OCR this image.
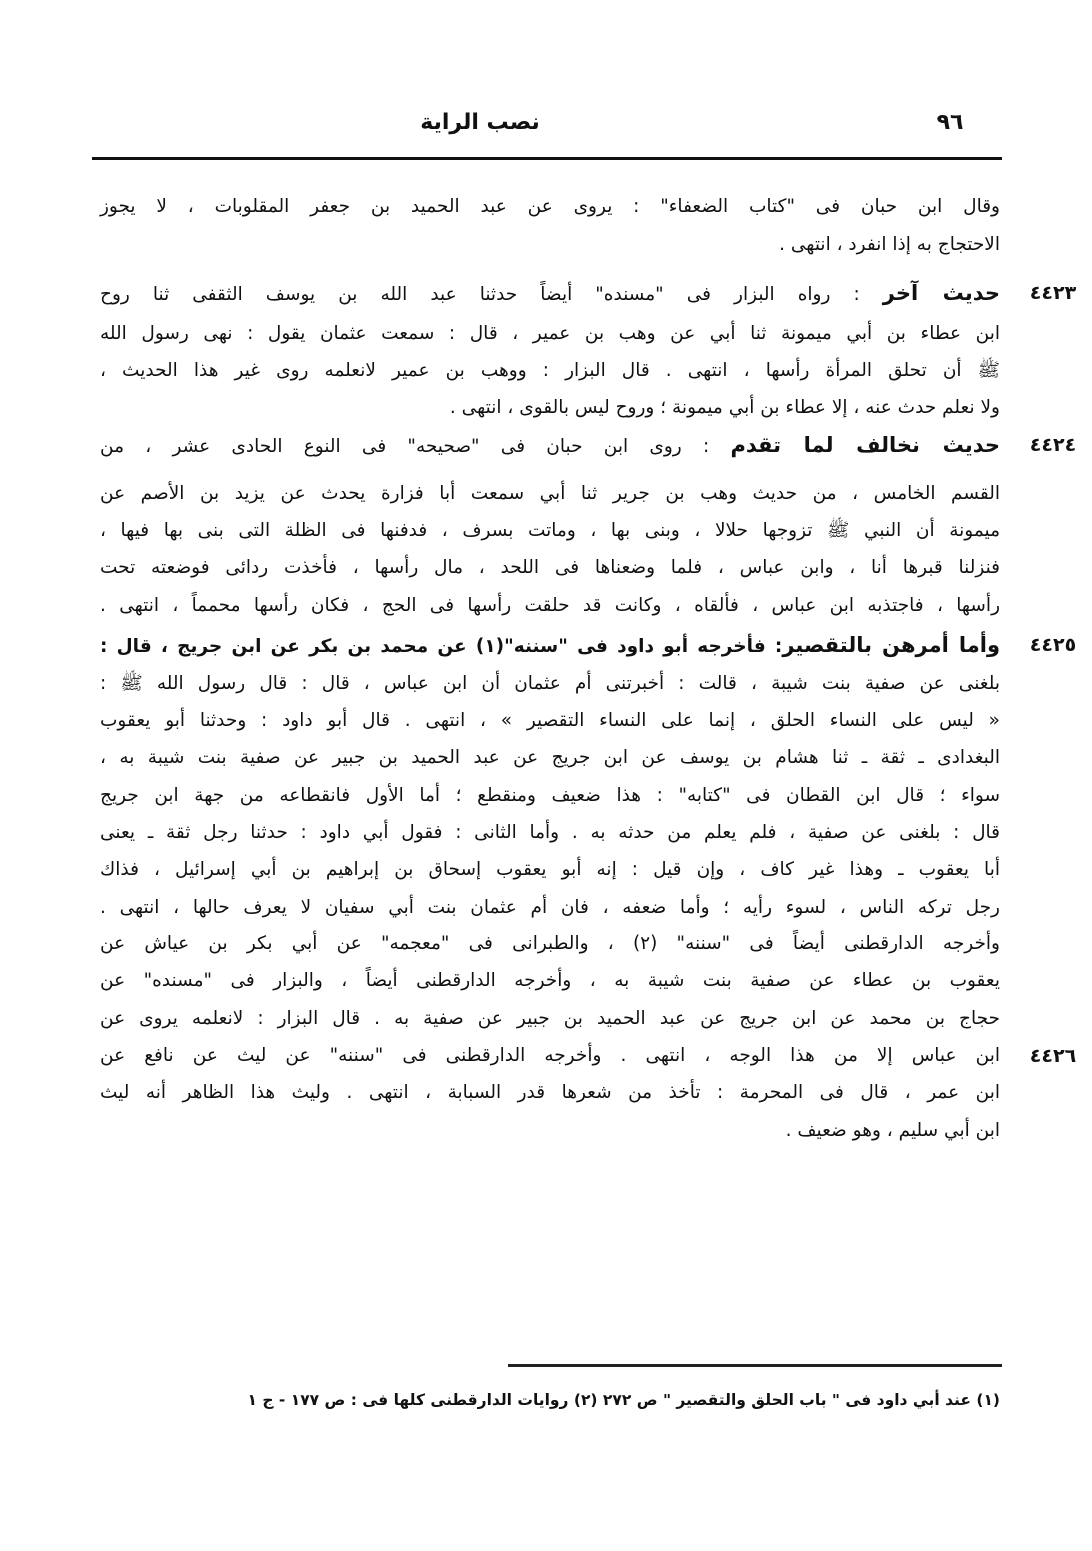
نصب الراية	٩٦
وقال ابن حبان فى "كتاب الضعفاء" : يروى عن عبد الحميد بن جعفر المقلوبات ، لا يجوز
الاحتجاج به إذا انفرد ، انتهى .
حديث آخر : رواه البزار فى "مسنده" أيضاً حدثنا عبد الله بن يوسف الثقفى ثنا روح	٤٤٢٣
ابن عطاء بن أبي ميمونة ثنا أبي عن وهب بن عمير ، قال : سمعت عثمان يقول : نهى رسول الله
ﷺ أن تحلق المرأة رأسها ، انتهى . قال البزار : ووهب بن عمير لانعلمه روى غير هذا الحديث ،
ولا نعلم حدث عنه ، إلا عطاء بن أبي ميمونة ؛ وروح ليس بالقوى ، انتهى .
حديث نخالف لما تقدم : روى ابن حبان فى "صحيحه" فى النوع الحادى عشر ، من	٤٤٢٤
القسم الخامس ، من حديث وهب بن جرير ثنا أبي سمعت أبا فزارة يحدث عن يزيد بن الأصم عن
ميمونة أن النبي ﷺ تزوجها حلالا ، وبنى بها ، وماتت بسرف ، فدفنها فى الظلة التى بنى بها فيها ،
فنزلنا قبرها أنا ، وابن عباس ، فلما وضعناها فى اللحد ، مال رأسها ، فأخذت ردائى فوضعته تحت
رأسها ، فاجتذبه ابن عباس ، فألقاه ، وكانت قد حلقت رأسها فى الحج ، فكان رأسها محمماً ، انتهى .
وأما أمرهن بالتقصير: فأخرجه أبو داود فى "سننه"(١) عن محمد بن بكر عن ابن جريج ، قال :	٤٤٢٥
بلغنى عن صفية بنت شيبة ، قالت : أخبرتنى أم عثمان أن ابن عباس ، قال : قال رسول الله ﷺ :
« ليس على النساء الحلق ، إنما على النساء التقصير » ، انتهى . قال أبو داود : وحدثنا أبو يعقوب
البغدادى ـ ثقة ـ ثنا هشام بن يوسف عن ابن جريج عن عبد الحميد بن جبير عن صفية بنت شيبة به ،
سواء ؛ قال ابن القطان فى "كتابه" : هذا ضعيف ومنقطع ؛ أما الأول فانقطاعه من جهة ابن جريج
قال : بلغنى عن صفية ، فلم يعلم من حدثه به . وأما الثانى : فقول أبي داود : حدثنا رجل ثقة ـ يعنى
أبا يعقوب ـ وهذا غير كاف ، وإن قيل : إنه أبو يعقوب إسحاق بن إبراهيم بن أبي إسرائيل ، فذاك
رجل تركه الناس ، لسوء رأيه ؛ وأما ضعفه ، فان أم عثمان بنت أبي سفيان لا يعرف حالها ، انتهى .
وأخرجه الدارقطنى أيضاً فى "سننه" (٢) ، والطبرانى فى "معجمه" عن أبي بكر بن عياش عن
يعقوب بن عطاء عن صفية بنت شيبة به ، وأخرجه الدارقطنى أيضاً ، والبزار فى "مسنده" عن
حجاج بن محمد عن ابن جريج عن عبد الحميد بن جبير عن صفية به . قال البزار : لانعلمه يروى عن
ابن عباس إلا من هذا الوجه ، انتهى . وأخرجه الدارقطنى فى "سننه" عن ليث عن نافع عن	٤٤٢٦
ابن عمر ، قال فى المحرمة : تأخذ من شعرها قدر السبابة ، انتهى . وليث هذا الظاهر أنه ليث
ابن أبي سليم ، وهو ضعيف .
(١) عند أبي داود فى " باب الحلق والتقصير " ص ٢٧٢ (٢) روايات الدارقطنى كلها فى : ص ١٧٧ - ج ١
